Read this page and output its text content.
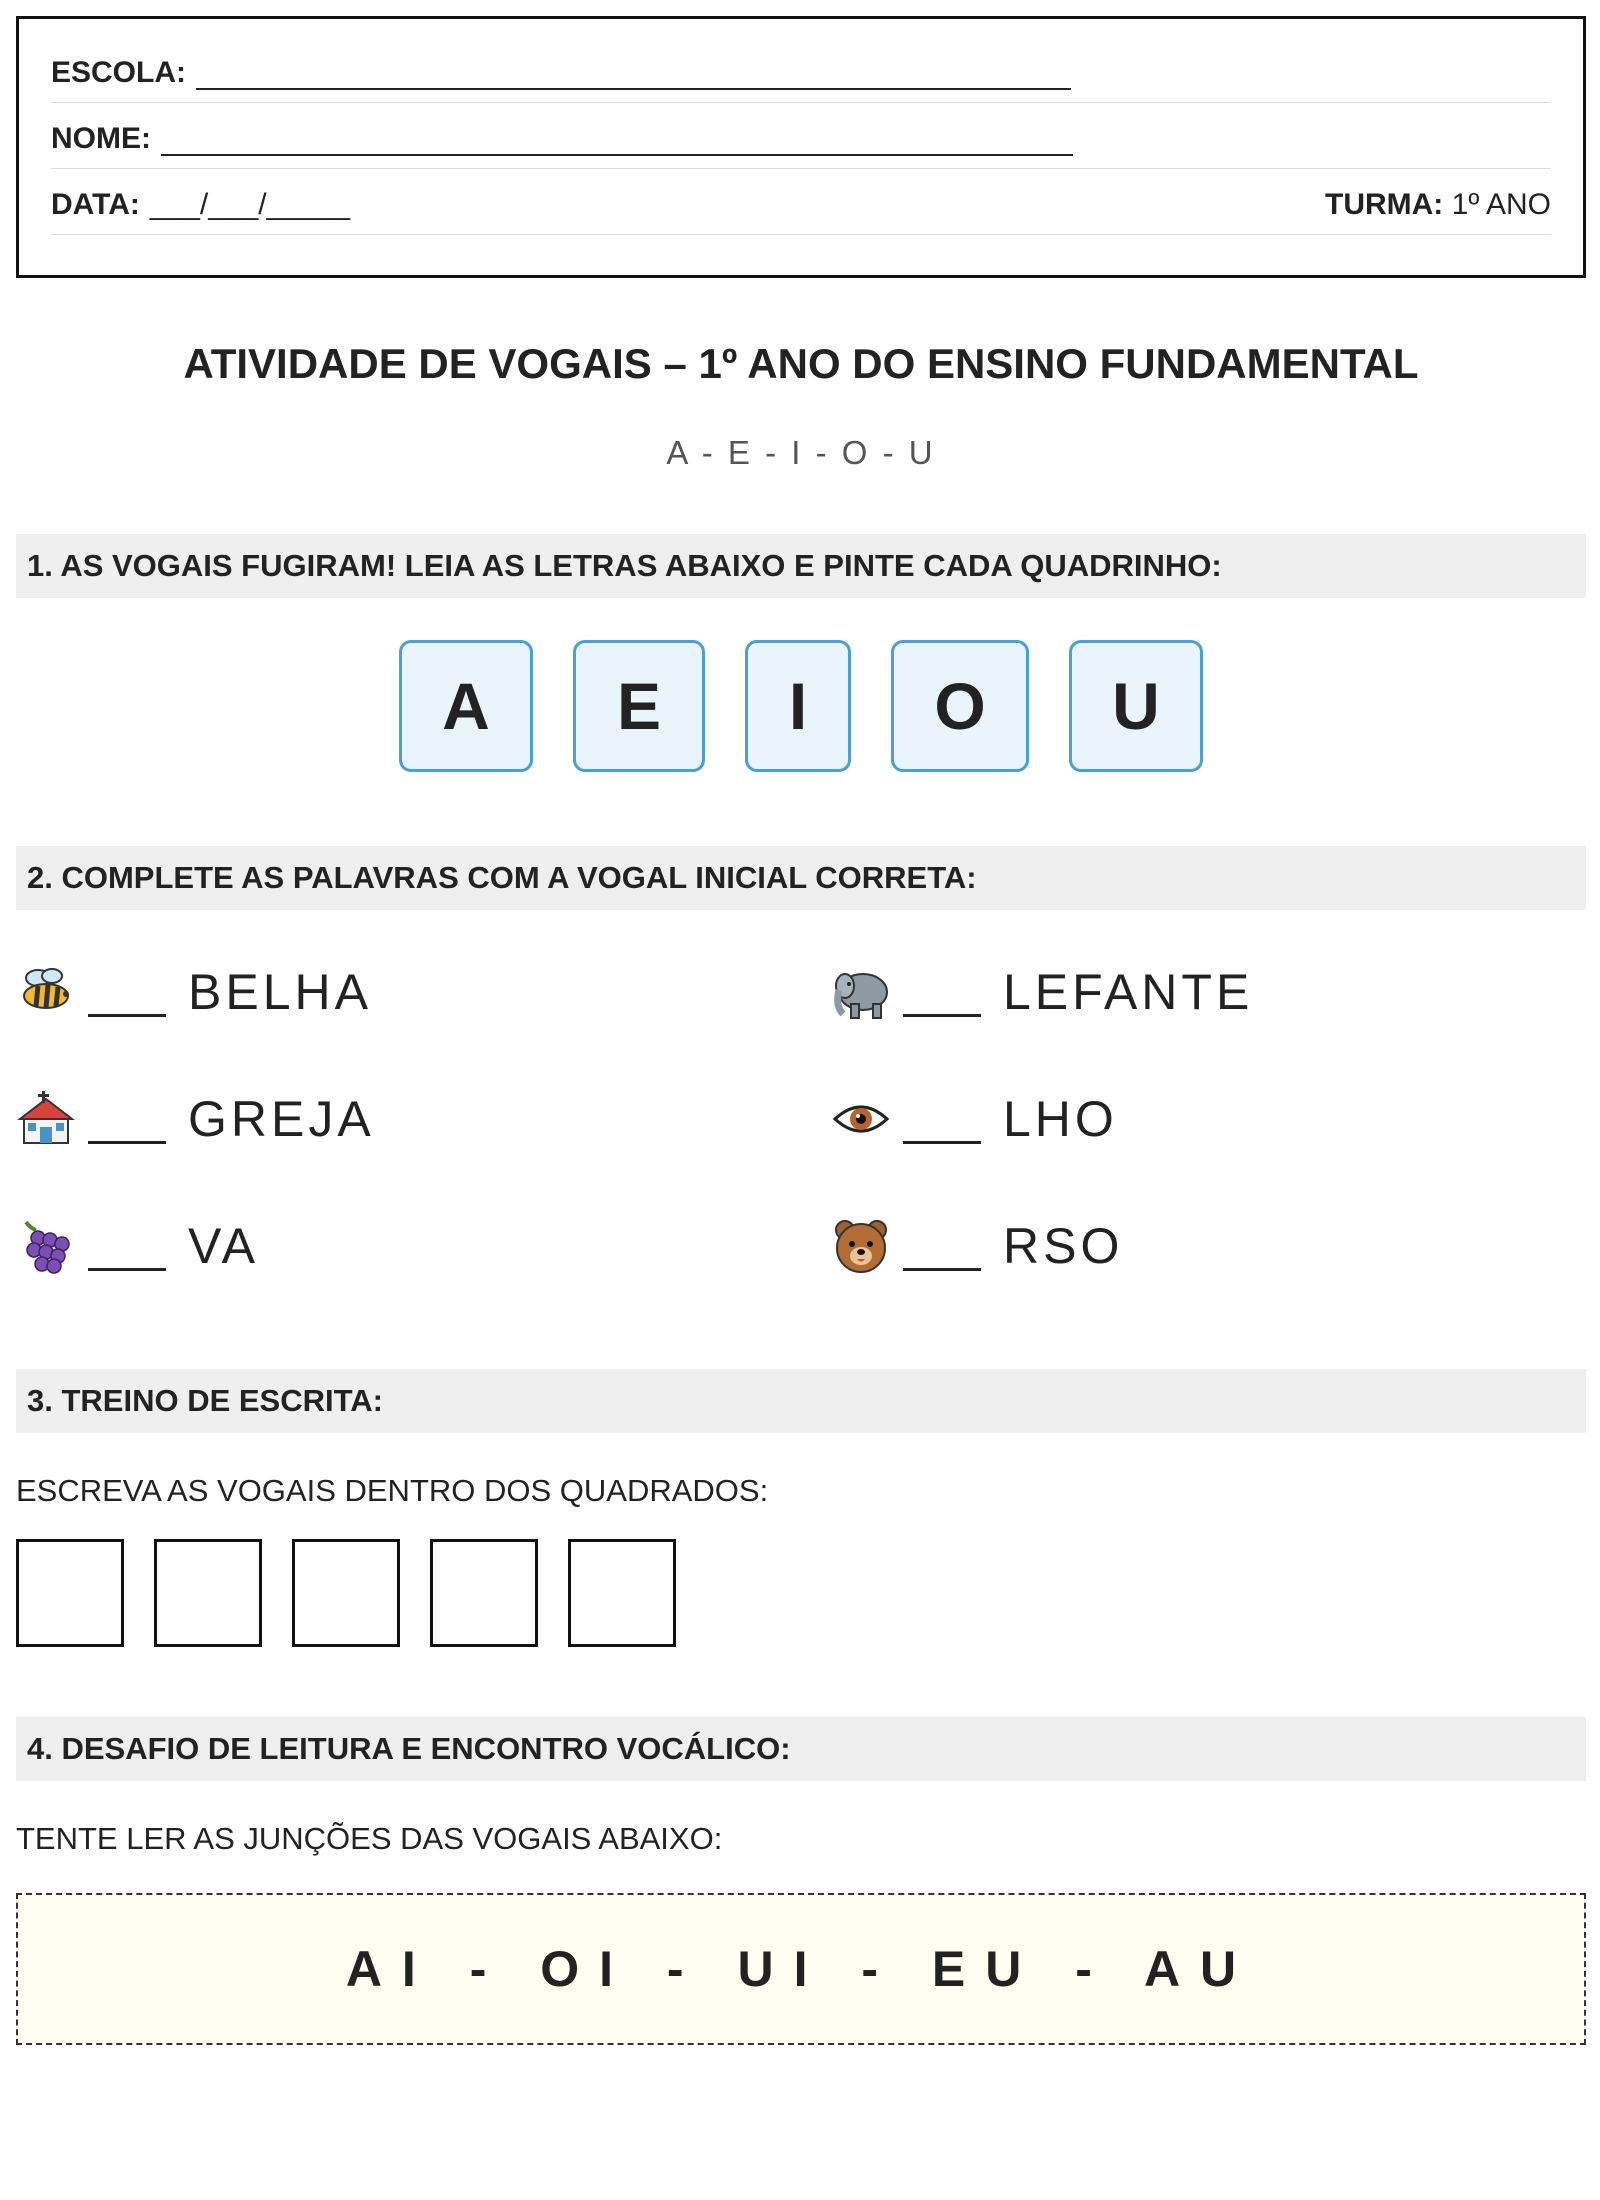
ESCOLA:
NOME:
DATA: ___/___/_____	TURMA: 1º ANO
ATIVIDADE DE VOGAIS – 1º ANO DO ENSINO FUNDAMENTAL
A - E - I - O - U
1. AS VOGAIS FUGIRAM! LEIA AS LETRAS ABAIXO E PINTE CADA QUADRINHO:
A	E	I	O	U
2. COMPLETE AS PALAVRAS COM A VOGAL INICIAL CORRETA:
BELHA	LEFANTE
GREJA	LHO
VA	RSO
3. TREINO DE ESCRITA:
ESCREVA AS VOGAIS DENTRO DOS QUADRADOS:
4. DESAFIO DE LEITURA E ENCONTRO VOCÁLICO:
TENTE LER AS JUNÇÕES DAS VOGAIS ABAIXO:
AI - OI - UI - EU - AU
